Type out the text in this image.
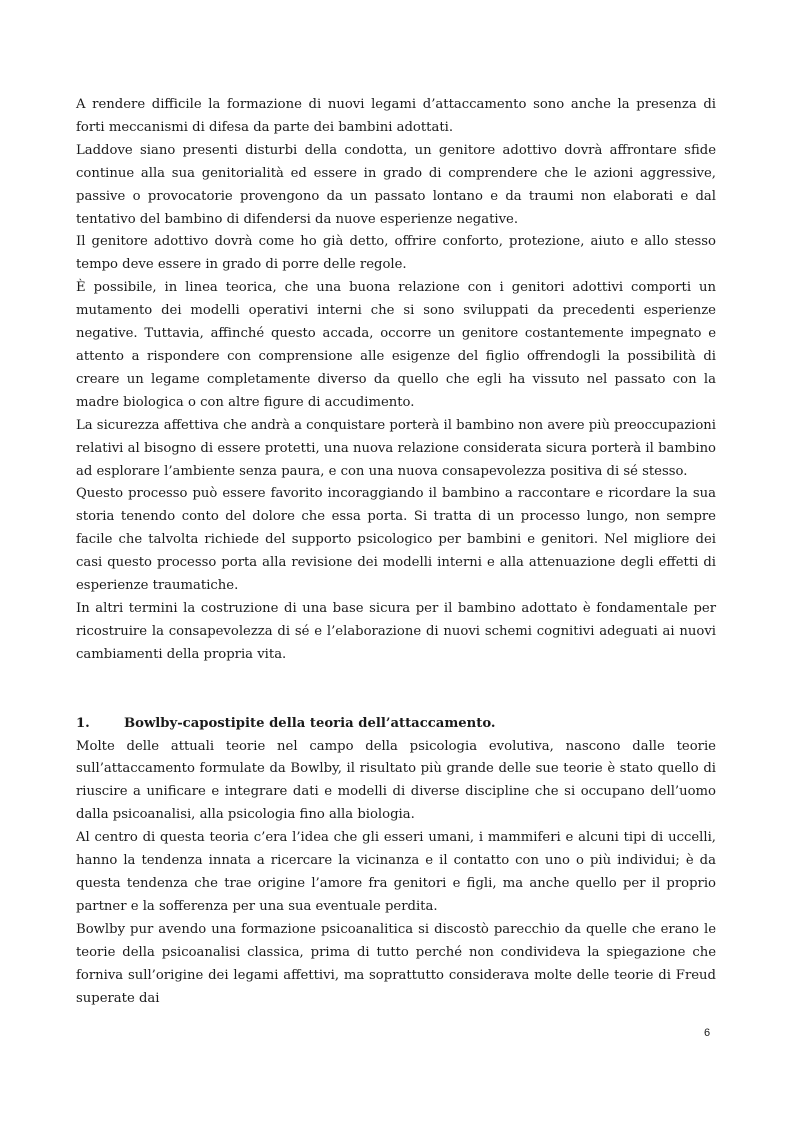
A rendere difficile la formazione di nuovi legami d’attaccamento sono anche la presenza di forti meccanismi di difesa da parte dei bambini adottati.

Laddove siano presenti disturbi della condotta, un genitore adottivo dovrà affrontare sfide continue alla sua genitorialità ed essere in grado di comprendere che le azioni aggressive, passive o provocatorie provengono da un passato lontano e da traumi non elaborati e dal tentativo del bambino di difendersi da nuove esperienze negative.

Il genitore adottivo dovrà come ho già detto, offrire conforto, protezione, aiuto e allo stesso tempo deve essere in grado di porre delle regole.

È possibile, in linea teorica, che una buona relazione con i genitori adottivi comporti un mutamento dei modelli operativi interni che si sono sviluppati da precedenti esperienze negative. Tuttavia, affinché questo accada, occorre un genitore costantemente impegnato e attento a rispondere con comprensione alle esigenze del figlio offrendogli la possibilità di creare un legame completamente diverso da quello che egli ha vissuto nel passato con la madre biologica o con altre figure di accudimento.

La sicurezza affettiva che andrà a conquistare porterà il bambino non avere più preoccupazioni relativi al bisogno di essere protetti, una nuova relazione considerata sicura porterà il bambino ad esplorare l’ambiente senza paura, e con una nuova consapevolezza positiva di sé stesso.

Questo processo può essere favorito incoraggiando il bambino a raccontare e ricordare la sua storia tenendo conto del dolore che essa porta. Si tratta di un processo lungo, non sempre facile che talvolta richiede del supporto psicologico per bambini e genitori. Nel migliore dei casi questo processo porta alla revisione dei modelli interni e alla attenuazione degli effetti di esperienze traumatiche.

In altri termini la costruzione di una base sicura per il bambino adottato è fondamentale per ricostruire la consapevolezza di sé e l’elaborazione di nuovi schemi cognitivi adeguati ai nuovi cambiamenti della propria vita.

1.	Bowlby-capostipite della teoria dell’attaccamento.

Molte delle attuali teorie nel campo della psicologia evolutiva, nascono dalle teorie sull’attaccamento formulate da Bowlby, il risultato più grande delle sue teorie è stato quello di riuscire a unificare e integrare dati e modelli di diverse discipline che si occupano dell’uomo dalla psicoanalisi, alla psicologia fino alla biologia.

Al centro di questa teoria c’era l’idea che gli esseri umani, i mammiferi e alcuni tipi di uccelli, hanno la tendenza innata a ricercare la vicinanza e il contatto con uno o più individui; è da questa tendenza che trae origine l’amore fra genitori e figli, ma anche quello per il proprio partner e la sofferenza per una sua eventuale perdita.

Bowlby pur avendo una formazione psicoanalitica si discostò parecchio da quelle che erano le teorie della psicoanalisi classica, prima di tutto perché non condivideva la spiegazione che forniva sull’origine dei legami affettivi, ma soprattutto considerava molte delle teorie di Freud superate dai

6
